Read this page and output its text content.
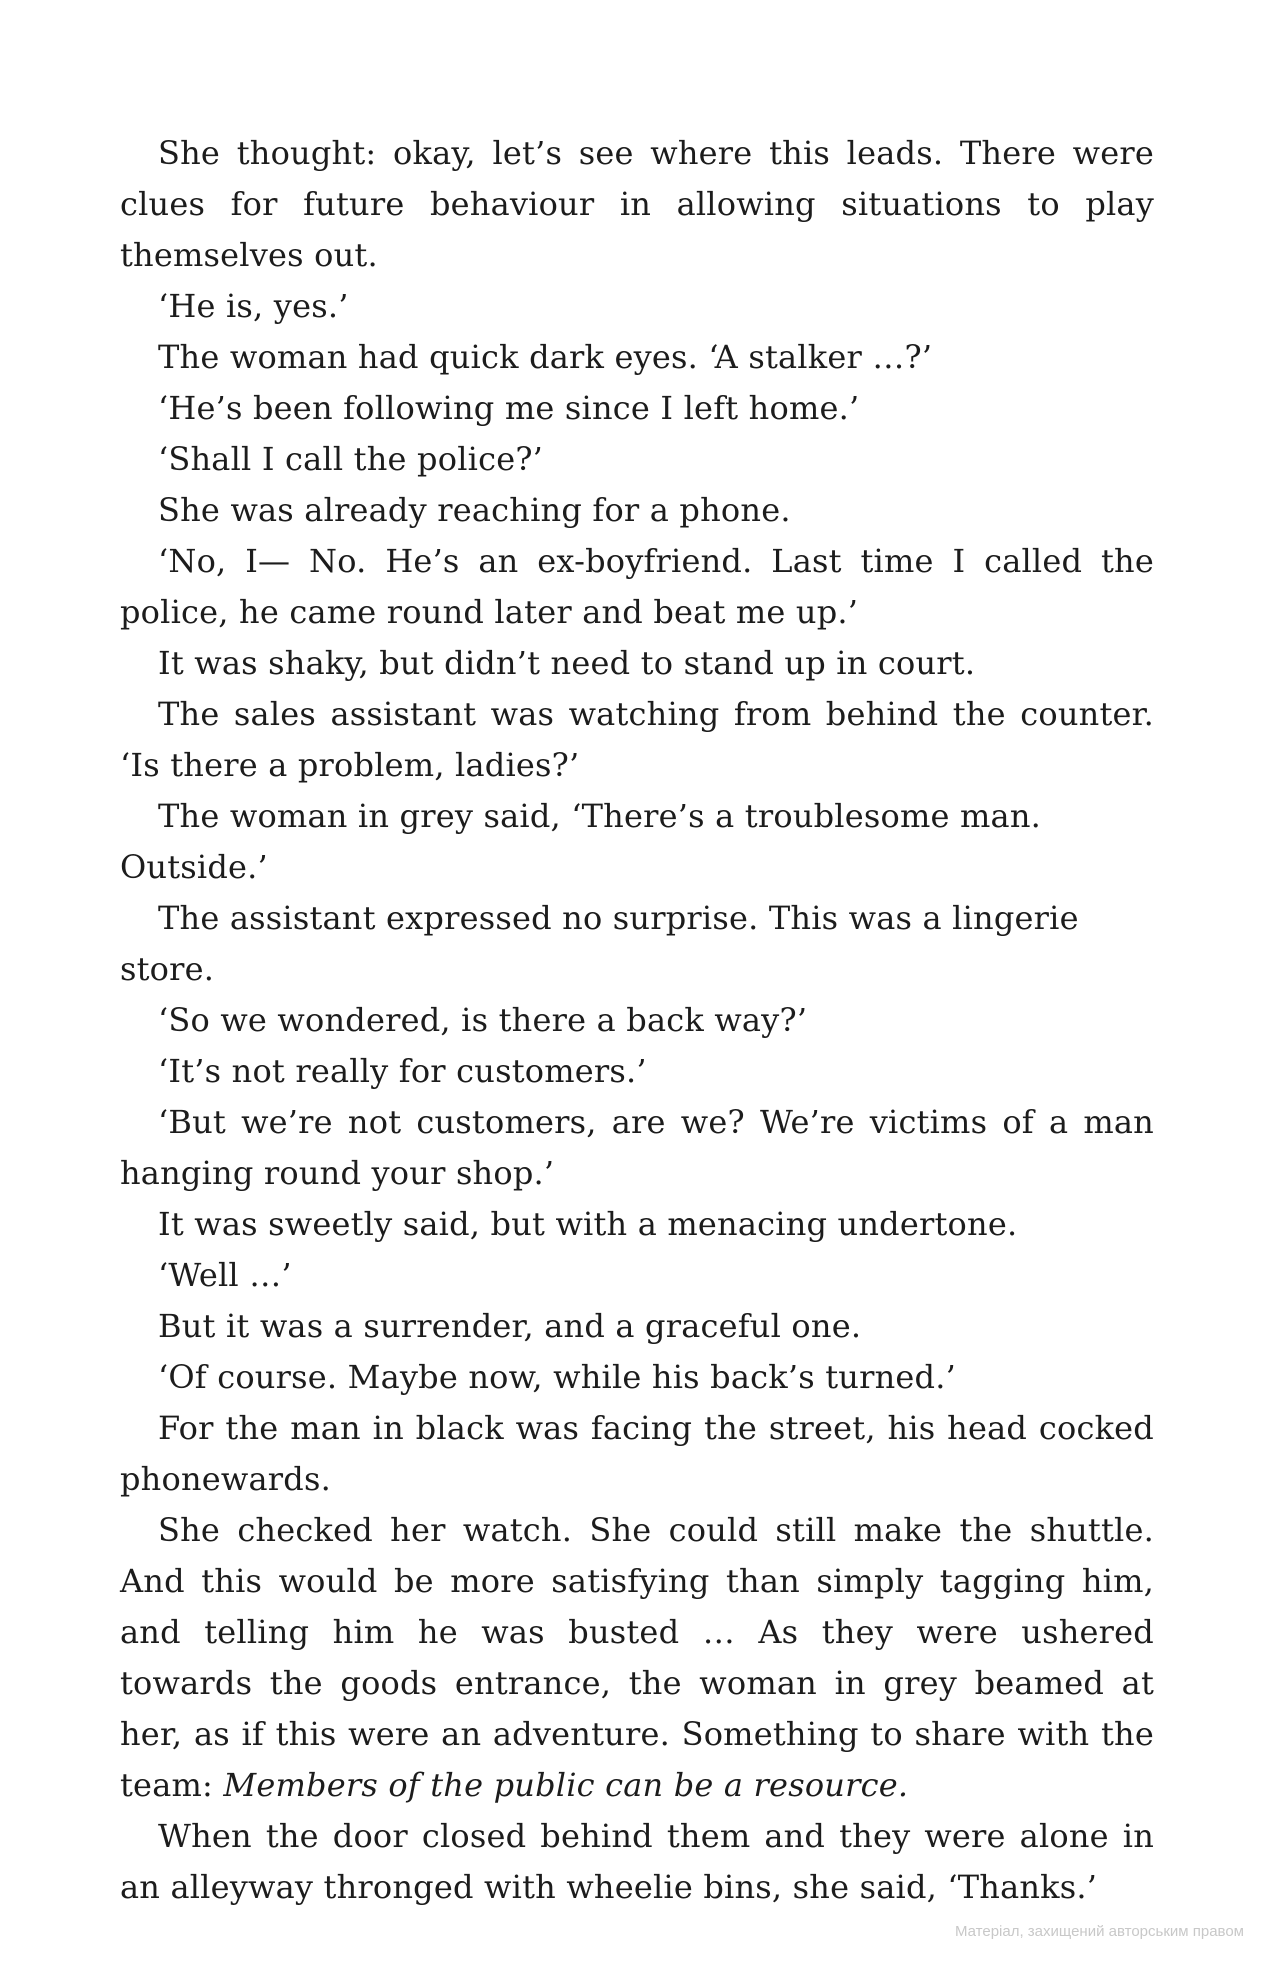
She thought: okay, let’s see where this leads. There were clues for future behaviour in allowing situations to play themselves out.

‘He is, yes.’

The woman had quick dark eyes. ‘A stalker …?’

‘He’s been following me since I left home.’

‘Shall I call the police?’

She was already reaching for a phone.

‘No, I— No. He’s an ex-boyfriend. Last time I called the police, he came round later and beat me up.’

It was shaky, but didn’t need to stand up in court.

The sales assistant was watching from behind the counter. ‘Is there a problem, ladies?’

The woman in grey said, ‘There’s a troublesome man. Outside.’

The assistant expressed no surprise. This was a lingerie store.

‘So we wondered, is there a back way?’

‘It’s not really for customers.’

‘But we’re not customers, are we? We’re victims of a man hanging round your shop.’

It was sweetly said, but with a menacing undertone.

‘Well …’

But it was a surrender, and a graceful one.

‘Of course. Maybe now, while his back’s turned.’

For the man in black was facing the street, his head cocked phonewards.

She checked her watch. She could still make the shuttle. And this would be more satisfying than simply tagging him, and telling him he was busted … As they were ushered towards the goods entrance, the woman in grey beamed at her, as if this were an adventure. Something to share with the team: Members of the public can be a resource.

When the door closed behind them and they were alone in an alleyway thronged with wheelie bins, she said, ‘Thanks.’

Матеріал, захищений авторським правом
